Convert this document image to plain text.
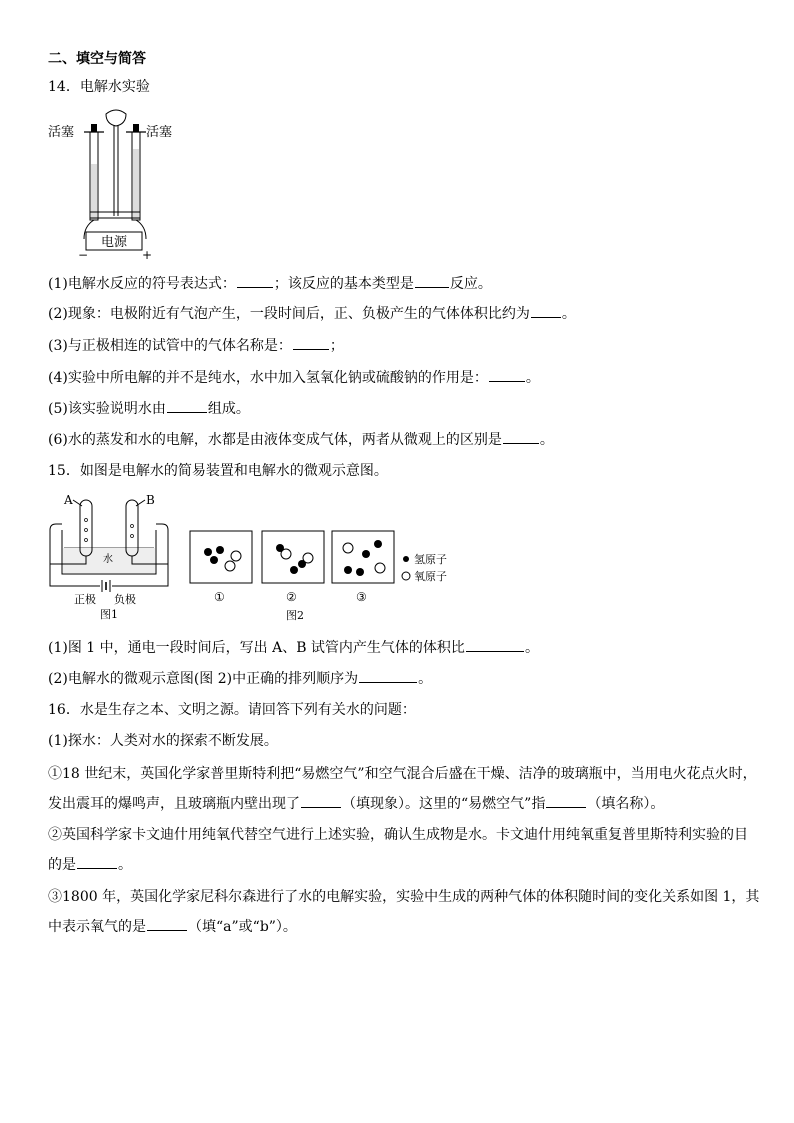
二、填空与简答
14．电解水实验
电源
−	+
活塞	活塞
(1)电解水反应的符号表达式：	；该反应的基本类型是	反应。
(2)现象：电极附近有气泡产生，一段时间后，正、负极产生的气体体积比约为 。
(3)与正极相连的试管中的气体名称是：	；
(4)实验中所电解的并不是纯水，水中加入氢氧化钠或硫酸钠的作用是：	。
(5)该实验说明水由	组成。
(6)水的蒸发和水的电解，水都是由液体变成气体，两者从微观上的区别是	。
15．如图是电解水的简易装置和电解水的微观示意图。
A	B
水
正极 负极
图1
氢原子
氧原子
①	②	③
图2
(1)图 1 中，通电一段时间后，写出 A、B 试管内产生气体的体积比	。
(2)电解水的微观示意图(图 2)中正确的排列顺序为	。
16．水是生存之本、文明之源。请回答下列有关水的问题：
(1)探水：人类对水的探索不断发展。
①18 世纪末，英国化学家普里斯特利把“易燃空气”和空气混合后盛在干燥、洁净的玻璃瓶中，当用电火花点火时，
发出震耳的爆鸣声，且玻璃瓶内壁出现了	（填现象）。这里的“易燃空气”指	（填名称）。
②英国科学家卡文迪什用纯氧代替空气进行上述实验，确认生成物是水。卡文迪什用纯氧重复普里斯特利实验的目
的是	。
③1800 年，英国化学家尼科尔森进行了水的电解实验，实验中生成的两种气体的体积随时间的变化关系如图 1，其
中表示氧气的是	（填“a”或“b”）。
